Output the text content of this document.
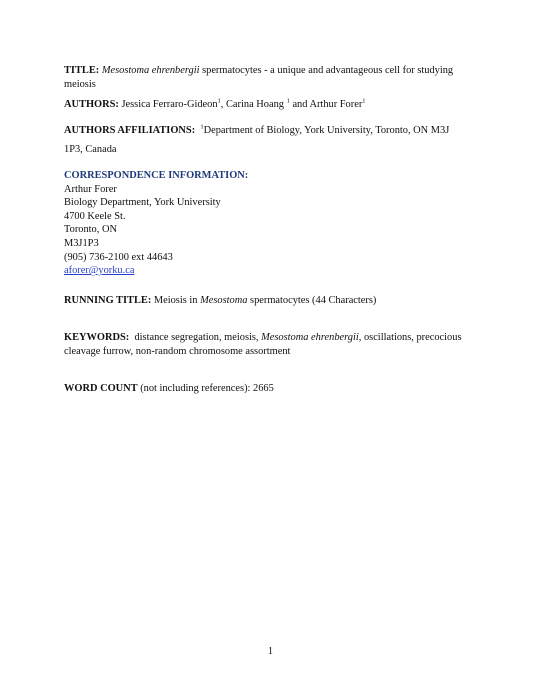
TITLE: Mesostoma ehrenbergii spermatocytes - a unique and advantageous cell for studying meiosis
AUTHORS: Jessica Ferraro-Gideon$^1$, Carina Hoang $^1$ and Arthur Forer$^1$
AUTHORS AFFILIATIONS: $^1$Department of Biology, York University, Toronto, ON M3J
1P3, Canada
CORRESPONDENCE INFORMATION:
Arthur Forer
Biology Department, York University
4700 Keele St.
Toronto, ON
M3J1P3
(905) 736-2100 ext 44643
aforer@yorku.ca
RUNNING TITLE: Meiosis in Mesostoma spermatocytes (44 Characters)
KEYWORDS:  distance segregation, meiosis, Mesostoma ehrenbergii, oscillations, precocious cleavage furrow, non-random chromosome assortment
WORD COUNT (not including references): 2665
1
